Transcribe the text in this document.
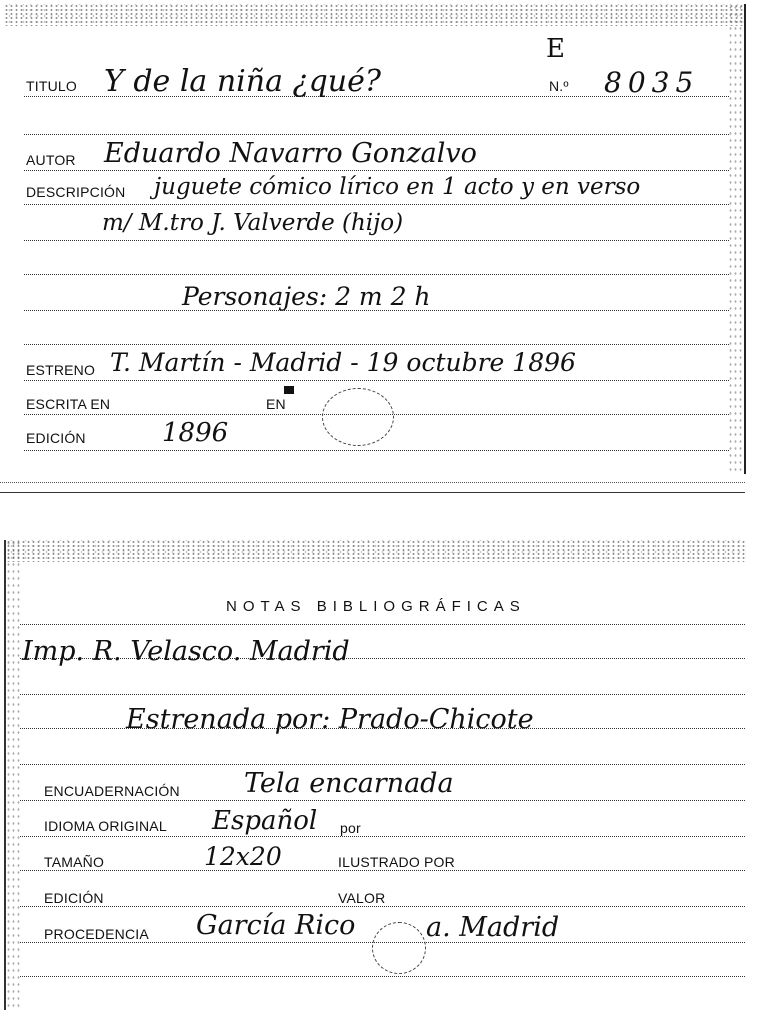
TITULO Y de la niña ¿qué?
E
N.º 8035
AUTOR Eduardo Navarro Gonzalvo
DESCRIPCIÓN juguete cómico lírico en 1 acto y en verso
m/ M.tro J. Valverde (hijo)
Personajes: 2 m 2 h
ESTRENO T. Martín - Madrid - 19 octubre 1896
ESCRITA EN	EN
EDICIÓN	1896
NOTAS BIBLIOGRÁFICAS
Imp. R. Velasco. Madrid
Estrenada por: Prado-Chicote
ENCUADERNACIÓN Tela encarnada
IDIOMA ORIGINAL Español por
TAMAÑO	12x20	ILUSTRADO POR
EDICIÓN	VALOR
PROCEDENCIA García Rico	a. Madrid
